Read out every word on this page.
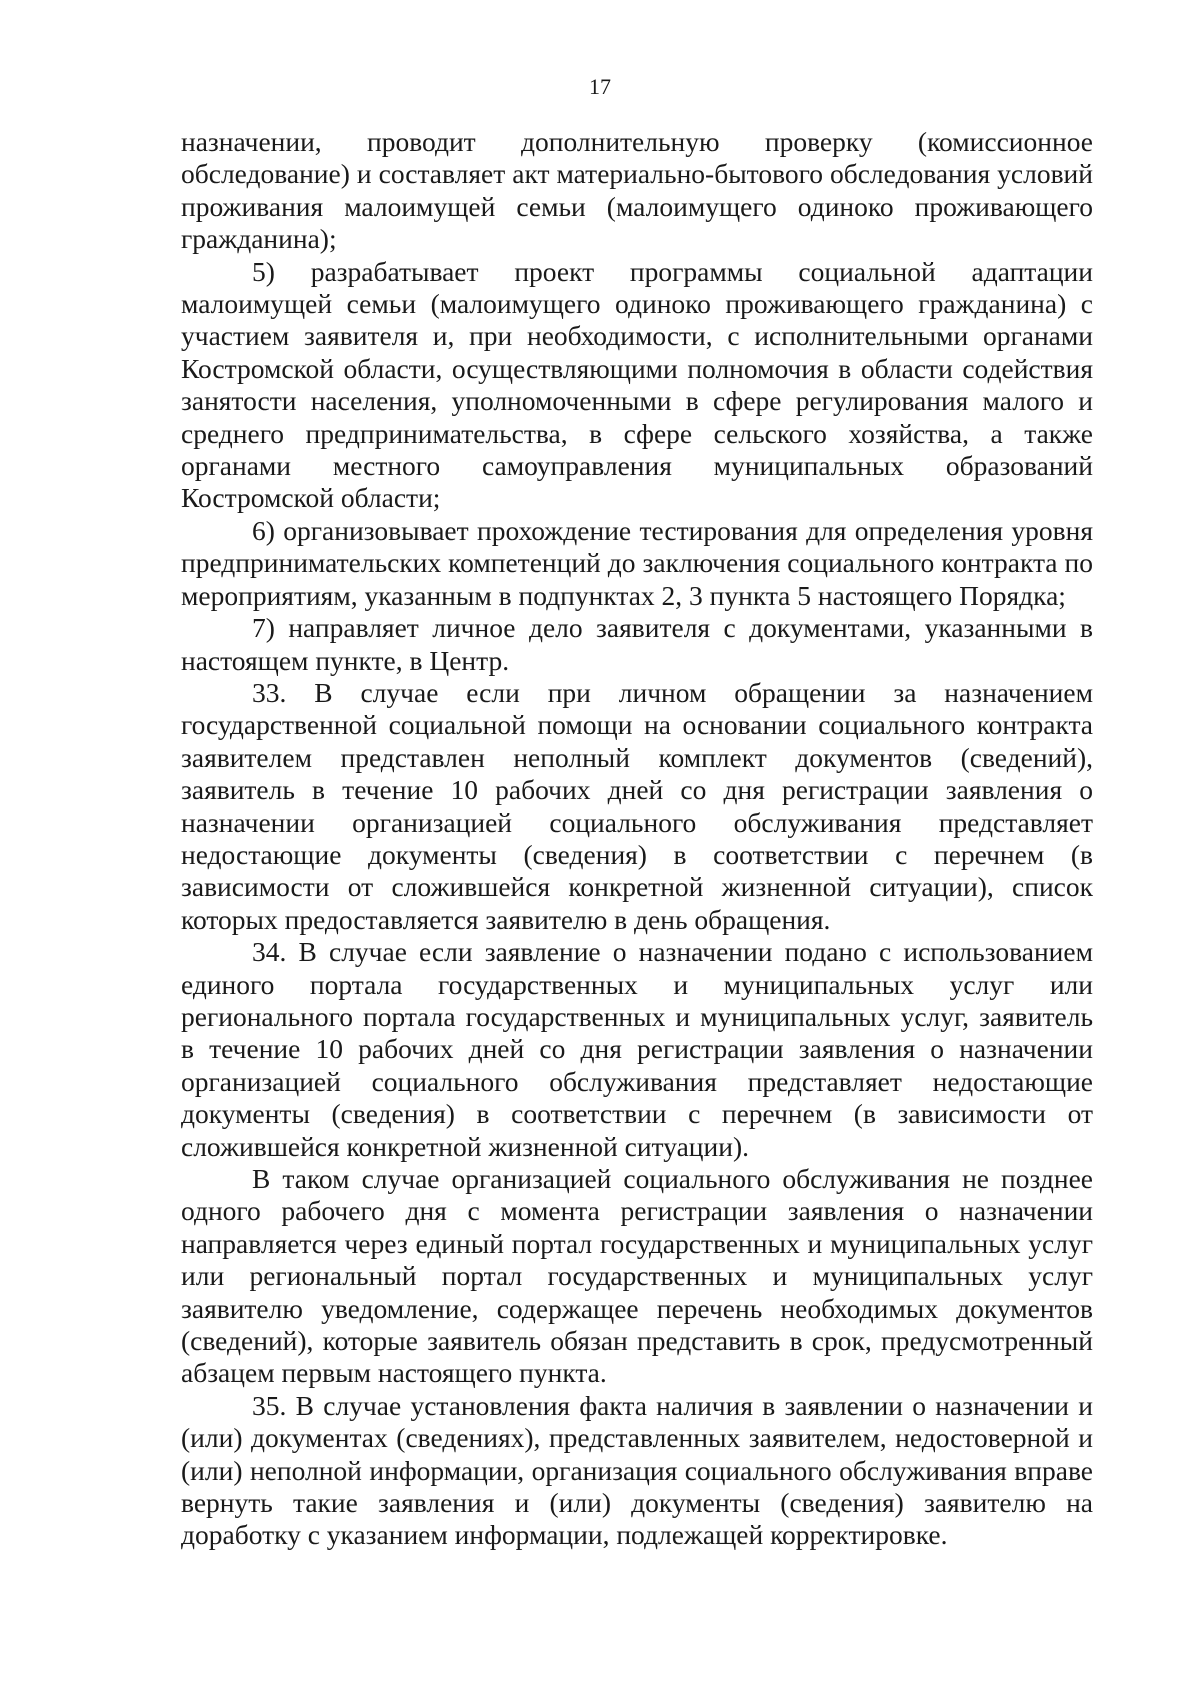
17

назначении, проводит дополнительную проверку (комиссионное обследование) и составляет акт материально-бытового обследования условий проживания малоимущей семьи (малоимущего одиноко проживающего гражданина);

5) разрабатывает проект программы социальной адаптации малоимущей семьи (малоимущего одиноко проживающего гражданина) с участием заявителя и, при необходимости, с исполнительными органами Костромской области, осуществляющими полномочия в области содействия занятости населения, уполномоченными в сфере регулирования малого и среднего предпринимательства, в сфере сельского хозяйства, а также органами местного самоуправления муниципальных образований Костромской области;

6) организовывает прохождение тестирования для определения уровня предпринимательских компетенций до заключения социального контракта по мероприятиям, указанным в подпунктах 2, 3 пункта 5 настоящего Порядка;

7) направляет личное дело заявителя с документами, указанными в настоящем пункте, в Центр.

33. В случае если при личном обращении за назначением государственной социальной помощи на основании социального контракта заявителем представлен неполный комплект документов (сведений), заявитель в течение 10 рабочих дней со дня регистрации заявления о назначении организацией социального обслуживания представляет недостающие документы (сведения) в соответствии с перечнем (в зависимости от сложившейся конкретной жизненной ситуации), список которых предоставляется заявителю в день обращения.

34. В случае если заявление о назначении подано с использованием единого портала государственных и муниципальных услуг или регионального портала государственных и муниципальных услуг, заявитель в течение 10 рабочих дней со дня регистрации заявления о назначении организацией социального обслуживания представляет недостающие документы (сведения) в соответствии с перечнем (в зависимости от сложившейся конкретной жизненной ситуации).

В таком случае организацией социального обслуживания не позднее одного рабочего дня с момента регистрации заявления о назначении направляется через единый портал государственных и муниципальных услуг или региональный портал государственных и муниципальных услуг заявителю уведомление, содержащее перечень необходимых документов (сведений), которые заявитель обязан представить в срок, предусмотренный абзацем первым настоящего пункта.

35. В случае установления факта наличия в заявлении о назначении и (или) документах (сведениях), представленных заявителем, недостоверной и (или) неполной информации, организация социального обслуживания вправе вернуть такие заявления и (или) документы (сведения) заявителю на доработку с указанием информации, подлежащей корректировке.
